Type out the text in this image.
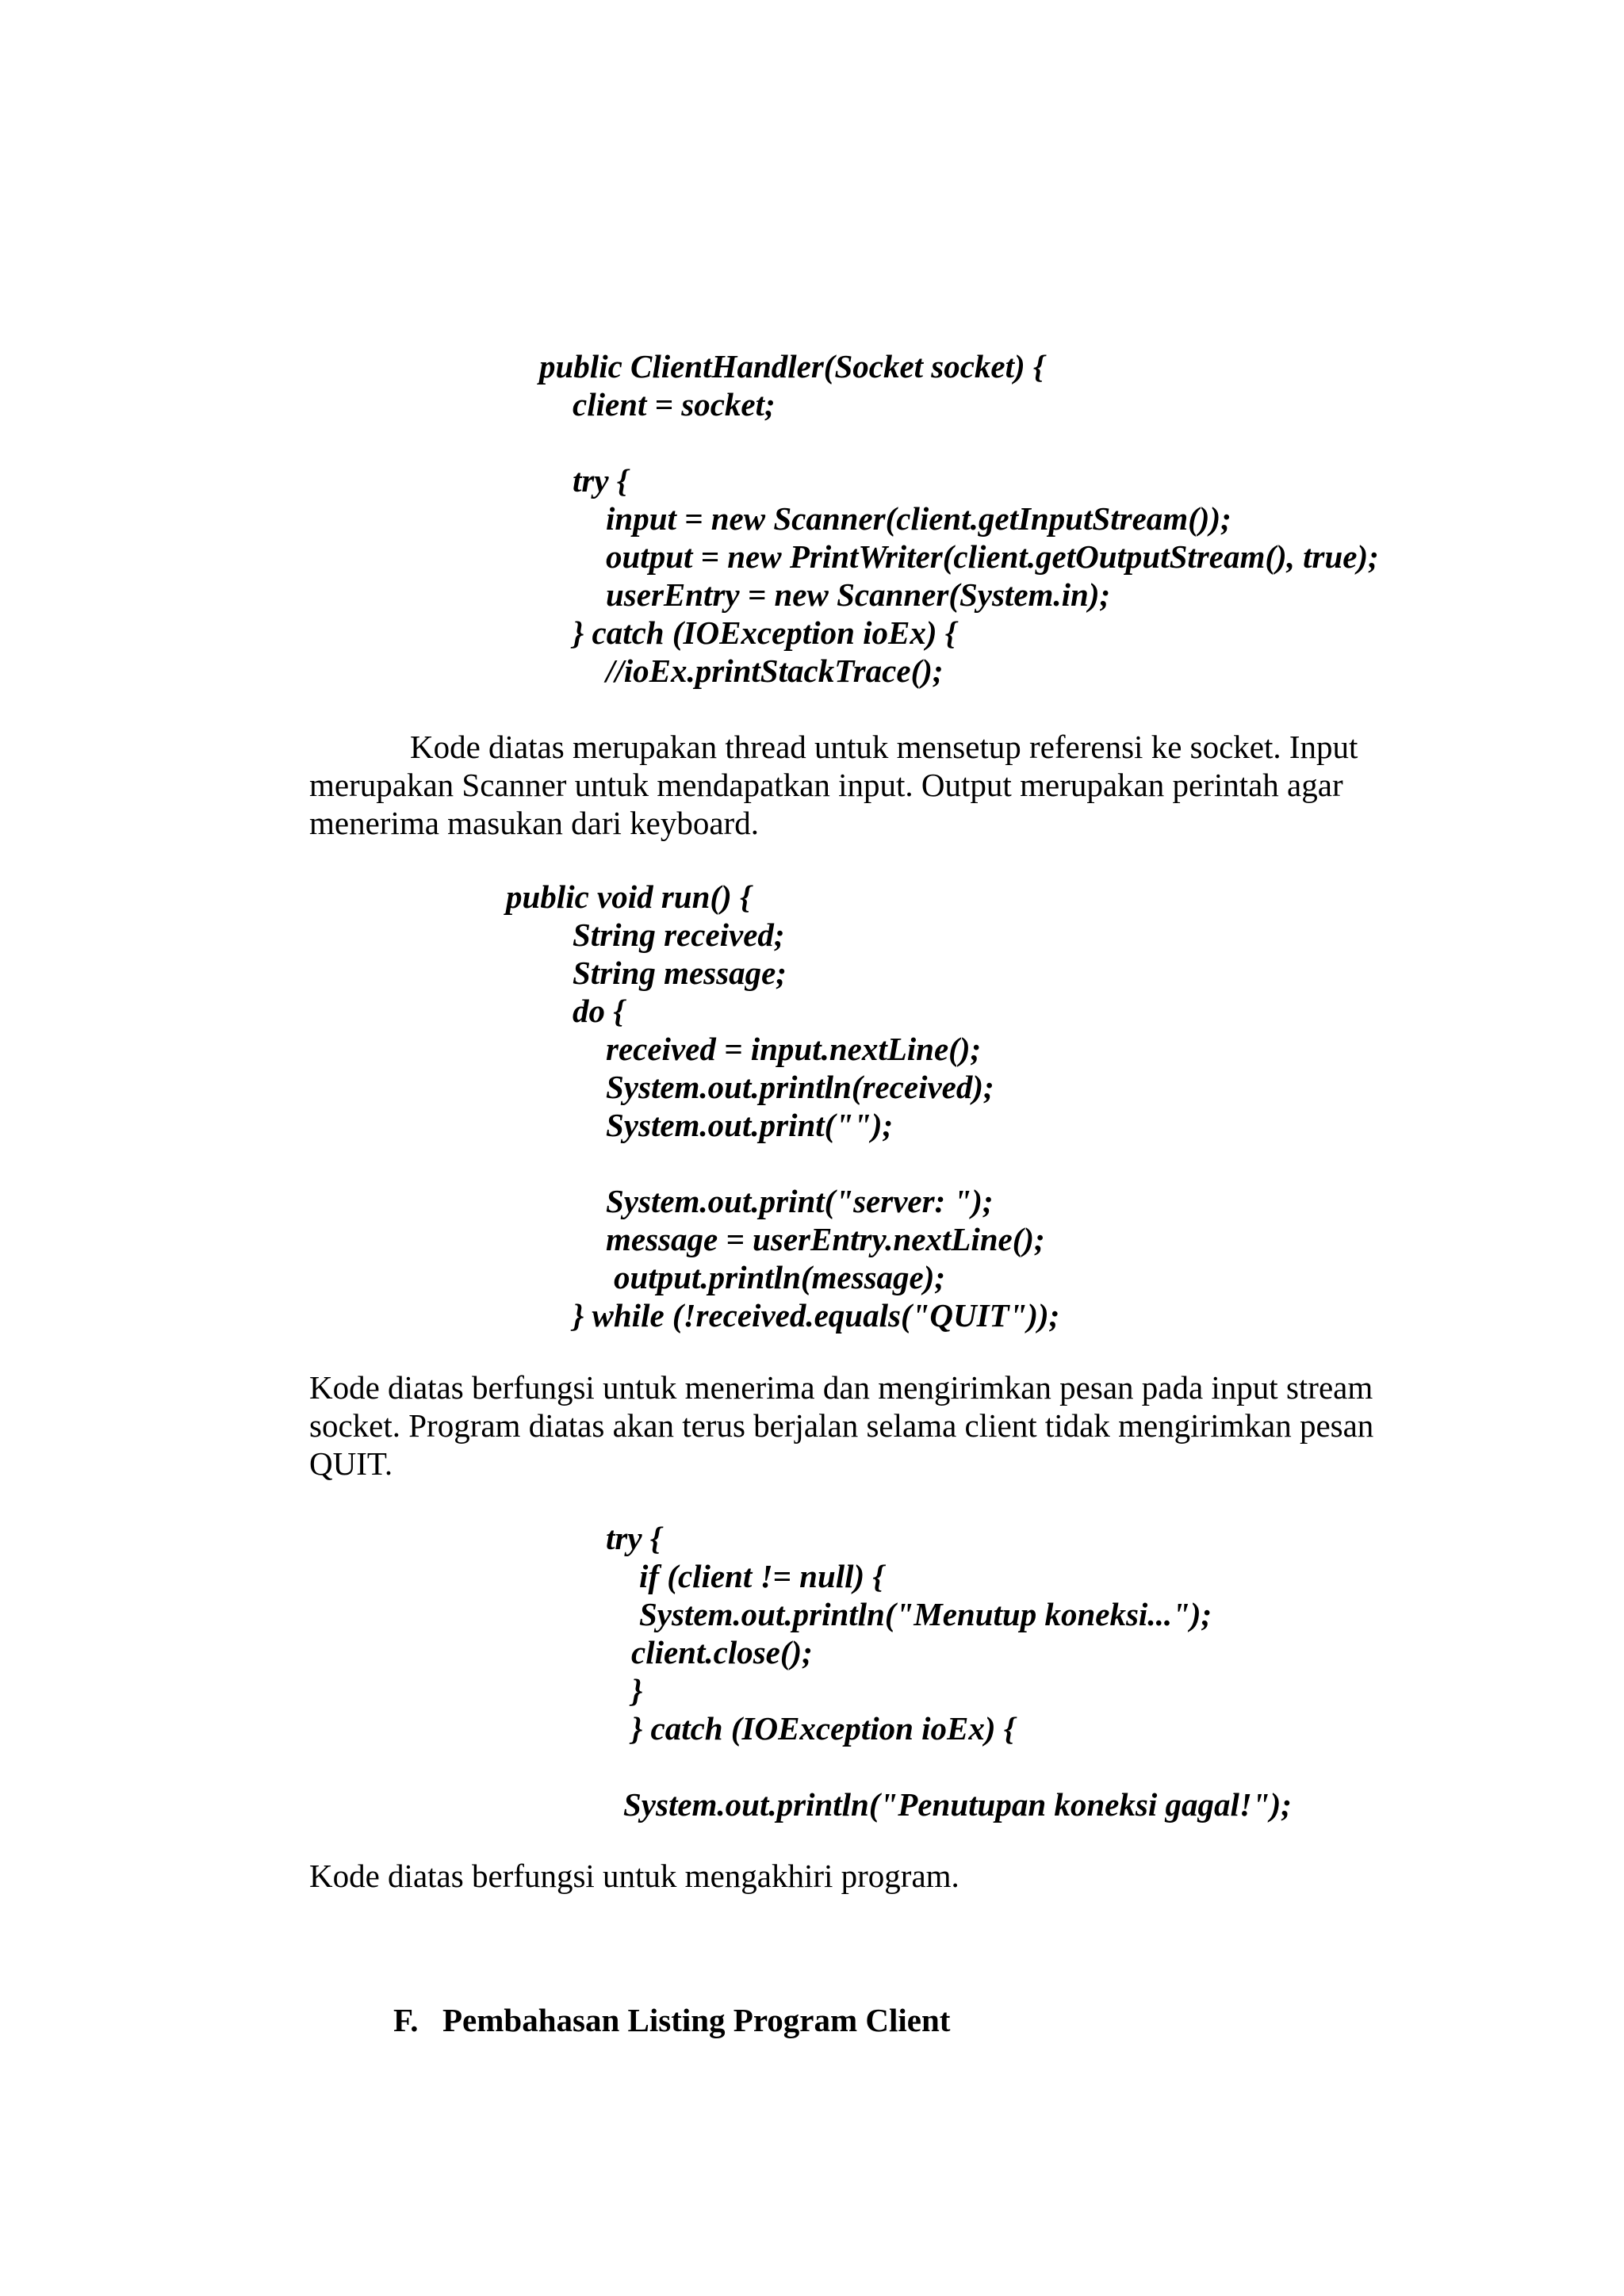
public ClientHandler(Socket socket) {
client = socket;
try {
input = new Scanner(client.getInputStream());
output = new PrintWriter(client.getOutputStream(), true);
userEntry = new Scanner(System.in);
} catch (IOException ioEx) {
//ioEx.printStackTrace();
Kode diatas merupakan thread untuk mensetup referensi ke socket. Input
merupakan Scanner untuk mendapatkan input. Output merupakan perintah agar
menerima masukan dari keyboard.
public void run() {
String received;
String message;
do {
received = input.nextLine();
System.out.println(received);
System.out.print("");
System.out.print("server: ");
message = userEntry.nextLine();
output.println(message);
} while (!received.equals("QUIT"));
Kode diatas berfungsi untuk menerima dan mengirimkan pesan pada input stream
socket. Program diatas akan terus berjalan selama client tidak mengirimkan pesan
QUIT.
try {
if (client != null) {
System.out.println("Menutup koneksi...");
client.close();
}
} catch (IOException ioEx) {
System.out.println("Penutupan koneksi gagal!");
Kode diatas berfungsi untuk mengakhiri program.

F. Pembahasan Listing Program Client
